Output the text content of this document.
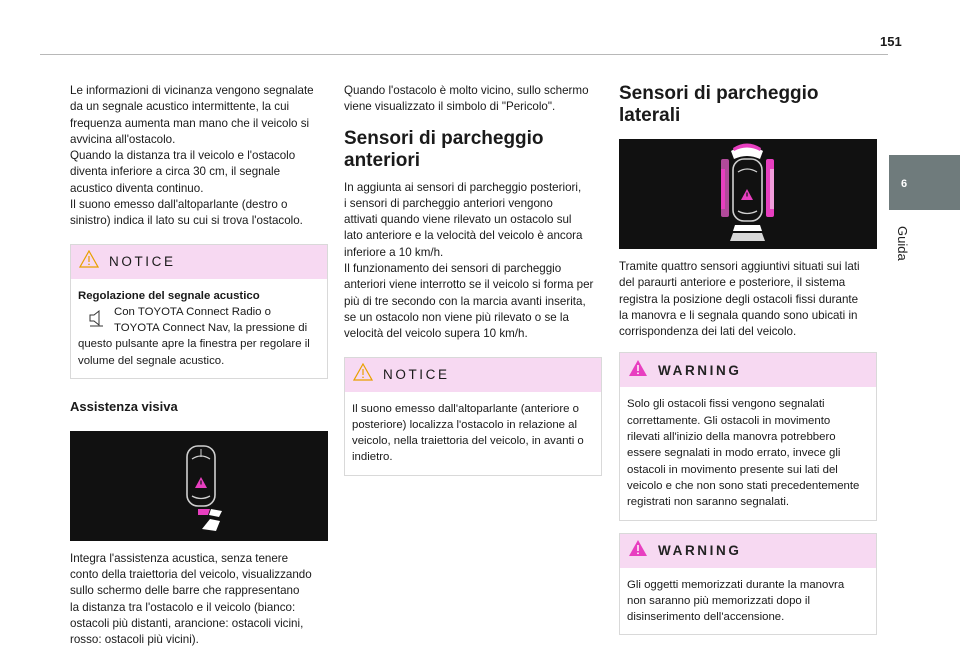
151
6
Guida

Le informazioni di vicinanza vengono segnalate
da un segnale acustico intermittente, la cui
frequenza aumenta man mano che il veicolo si
avvicina all'ostacolo.
Quando la distanza tra il veicolo e l'ostacolo
diventa inferiore a circa 30 cm, il segnale
acustico diventa continuo.
Il suono emesso dall'altoparlante (destro o
sinistro) indica il lato su cui si trova l'ostacolo.

NOTICE
Regolazione del segnale acustico
Con TOYOTA Connect Radio o
TOYOTA Connect Nav, la pressione di
questo pulsante apre la finestra per regolare il
volume del segnale acustico.
Assistenza visiva

Integra l'assistenza acustica, senza tenere
conto della traiettoria del veicolo, visualizzando
sullo schermo delle barre che rappresentano
la distanza tra l'ostacolo e il veicolo (bianco:
ostacoli più distanti, arancione: ostacoli vicini,
rosso: ostacoli più vicini).

Quando l'ostacolo è molto vicino, sullo schermo
viene visualizzato il simbolo di "Pericolo".

Sensori di parcheggio
anteriori

In aggiunta ai sensori di parcheggio posteriori,
i sensori di parcheggio anteriori vengono
attivati quando viene rilevato un ostacolo sul
lato anteriore e la velocità del veicolo è ancora
inferiore a 10 km/h.
Il funzionamento dei sensori di parcheggio
anteriori viene interrotto se il veicolo si forma per
più di tre secondo con la marcia avanti inserita,
se un ostacolo non viene più rilevato o se la
velocità del veicolo supera 10 km/h.

NOTICE

Il suono emesso dall'altoparlante (anteriore o
posteriore) localizza l'ostacolo in relazione al
veicolo, nella traiettoria del veicolo, in avanti o
indietro.

Sensori di parcheggio
laterali

Tramite quattro sensori aggiuntivi situati sui lati
del paraurti anteriore e posteriore, il sistema
registra la posizione degli ostacoli fissi durante
la manovra e li segnala quando sono ubicati in
corrispondenza dei lati del veicolo.

WARNING

Solo gli ostacoli fissi vengono segnalati
correttamente. Gli ostacoli in movimento
rilevati all'inizio della manovra potrebbero
essere segnalati in modo errato, invece gli
ostacoli in movimento presente sui lati del
veicolo e che non sono stati precedentemente
registrati non saranno segnalati.

WARNING

Gli oggetti memorizzati durante la manovra
non saranno più memorizzati dopo il
disinserimento dell'accensione.
